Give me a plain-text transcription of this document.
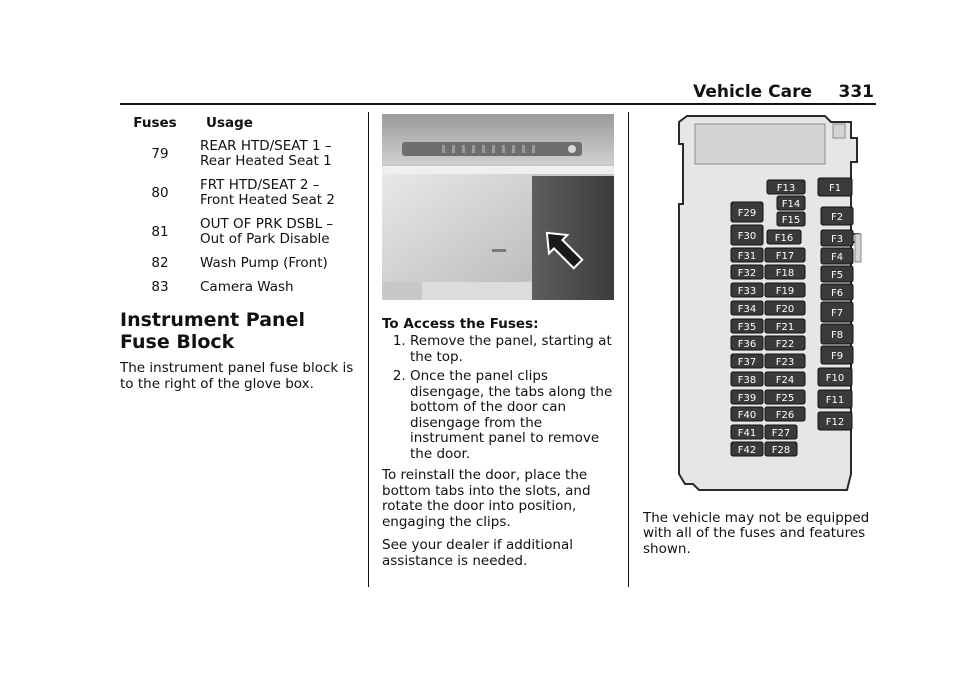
Vehicle Care 331
Fuses	Usage
79	REAR HTD/SEAT 1 – Rear Heated Seat 1
80	FRT HTD/SEAT 2 – Front Heated Seat 2
81	OUT OF PRK DSBL – Out of Park Disable
82	Wash Pump (Front)
83	Camera Wash
Instrument Panel Fuse Block
The instrument panel fuse block is to the right of the glove box.
To Access the Fuses:
1. Remove the panel, starting at the top.
2. Once the panel clips disengage, the tabs along the bottom of the door can disengage from the instrument panel to remove the door.

To reinstall the door, place the bottom tabs into the slots, and rotate the door into position, engaging the clips.

See your dealer if additional assistance is needed.

F1
F2
F3
F4
F5
F6
F7
F8
F9
F10
F11
F12
F13
F14
F15
F16
F17
F18
F19
F20
F21
F22
F23
F24
F25
F26
F27
F28
F29
F30
F31
F32
F33
F34
F35
F36
F37
F38
F39
F40
F41
F42
The vehicle may not be equipped with all of the fuses and features shown.
